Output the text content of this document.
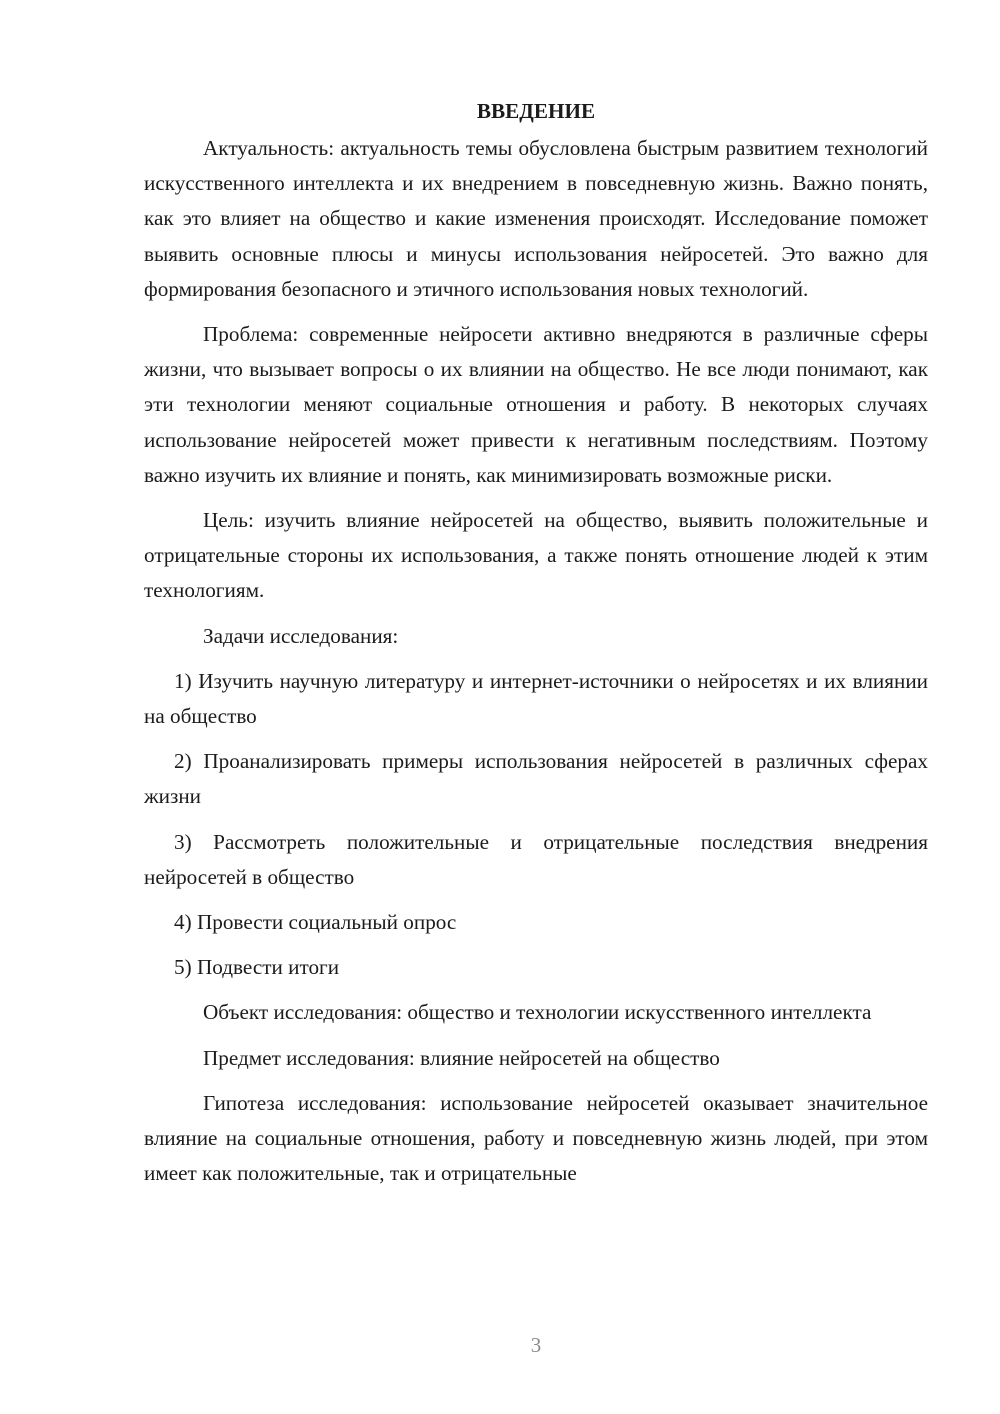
ВВЕДЕНИЕ

Актуальность: актуальность темы обусловлена быстрым развитием технологий искусственного интеллекта и их внедрением в повседневную жизнь. Важно понять, как это влияет на общество и какие изменения происходят. Исследование поможет выявить основные плюсы и минусы использования нейросетей. Это важно для формирования безопасного и этичного использования новых технологий.

Проблема: современные нейросети активно внедряются в различные сферы жизни, что вызывает вопросы о их влиянии на общество. Не все люди понимают, как эти технологии меняют социальные отношения и работу. В некоторых случаях использование нейросетей может привести к негативным последствиям. Поэтому важно изучить их влияние и понять, как минимизировать возможные риски.

Цель: изучить влияние нейросетей на общество, выявить положительные и отрицательные стороны их использования, а также понять отношение людей к этим технологиям.

Задачи исследования:

1) Изучить научную литературу и интернет-источники о нейросетях и их влиянии на общество

2) Проанализировать примеры использования нейросетей в различных сферах жизни

3) Рассмотреть положительные и отрицательные последствия внедрения нейросетей в общество

4) Провести социальный опрос

5) Подвести итоги

Объект исследования: общество и технологии искусственного интеллекта

Предмет исследования: влияние нейросетей на общество

Гипотеза исследования: использование нейросетей оказывает значительное влияние на социальные отношения, работу и повседневную жизнь людей, при этом имеет как положительные, так и отрицательные

3
